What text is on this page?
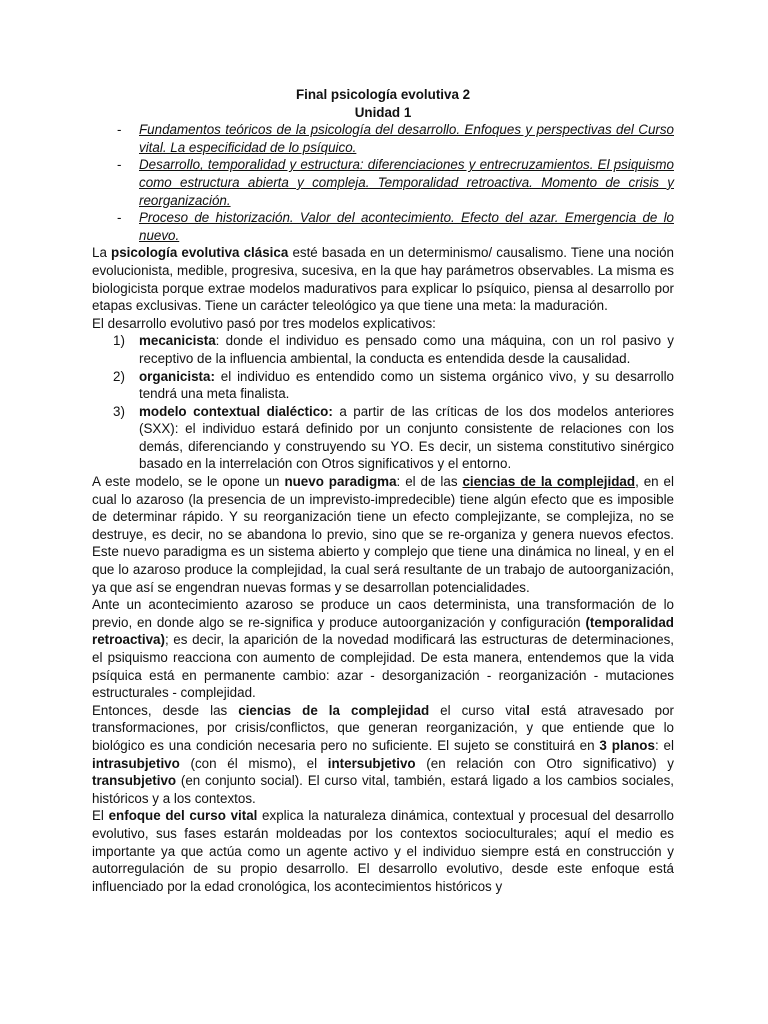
Final psicología evolutiva 2

Unidad 1

- Fundamentos teóricos de la psicología del desarrollo. Enfoques y perspectivas del Curso vital. La especificidad de lo psíquico.
- Desarrollo, temporalidad y estructura: diferenciaciones y entrecruzamientos. El psiquismo como estructura abierta y compleja. Temporalidad retroactiva. Momento de crisis y reorganización.
- Proceso de historización. Valor del acontecimiento. Efecto del azar. Emergencia de lo nuevo.

La psicología evolutiva clásica esté basada en un determinismo/ causalismo. Tiene una noción evolucionista, medible, progresiva, sucesiva, en la que hay parámetros observables. La misma es biologicista porque extrae modelos madurativos para explicar lo psíquico, piensa al desarrollo por etapas exclusivas. Tiene un carácter teleológico ya que tiene una meta: la maduración.

El desarrollo evolutivo pasó por tres modelos explicativos:

1) mecanicista: donde el individuo es pensado como una máquina, con un rol pasivo y receptivo de la influencia ambiental, la conducta es entendida desde la causalidad.
2) organicista: el individuo es entendido como un sistema orgánico vivo, y su desarrollo tendrá una meta finalista.
3) modelo contextual dialéctico: a partir de las críticas de los dos modelos anteriores (SXX): el individuo estará definido por un conjunto consistente de relaciones con los demás, diferenciando y construyendo su YO. Es decir, un sistema constitutivo sinérgico basado en la interrelación con Otros significativos y el entorno.

A este modelo, se le opone un nuevo paradigma: el de las ciencias de la complejidad, en el cual lo azaroso (la presencia de un imprevisto-impredecible) tiene algún efecto que es imposible de determinar rápido. Y su reorganización tiene un efecto complejizante, se complejiza, no se destruye, es decir, no se abandona lo previo, sino que se re-organiza y genera nuevos efectos. Este nuevo paradigma es un sistema abierto y complejo que tiene una dinámica no lineal, y en el que lo azaroso produce la complejidad, la cual será resultante de un trabajo de autoorganización, ya que así se engendran nuevas formas y se desarrollan potencialidades.

Ante un acontecimiento azaroso se produce un caos determinista, una transformación de lo previo, en donde algo se re-significa y produce autoorganización y configuración (temporalidad retroactiva); es decir, la aparición de la novedad modificará las estructuras de determinaciones, el psiquismo reacciona con aumento de complejidad. De esta manera, entendemos que la vida psíquica está en permanente cambio: azar - desorganización - reorganización - mutaciones estructurales - complejidad.

Entonces, desde las ciencias de la complejidad el curso vital está atravesado por transformaciones, por crisis/conflictos, que generan reorganización, y que entiende que lo biológico es una condición necesaria pero no suficiente. El sujeto se constituirá en 3 planos: el intrasubjetivo (con él mismo), el intersubjetivo (en relación con Otro significativo) y transubjetivo (en conjunto social). El curso vital, también, estará ligado a los cambios sociales, históricos y a los contextos.

El enfoque del curso vital explica la naturaleza dinámica, contextual y procesual del desarrollo evolutivo, sus fases estarán moldeadas por los contextos socioculturales; aquí el medio es importante ya que actúa como un agente activo y el individuo siempre está en construcción y autorregulación de su propio desarrollo. El desarrollo evolutivo, desde este enfoque está influenciado por la edad cronológica, los acontecimientos históricos y
